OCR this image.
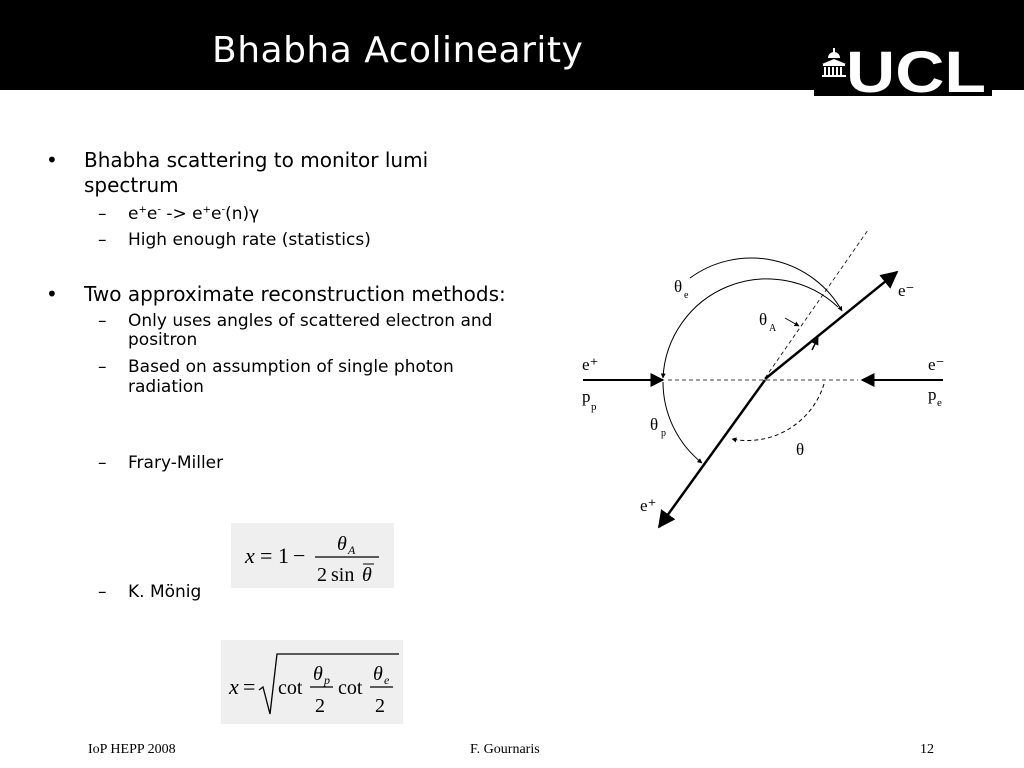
Bhabha Acolinearity	UCL
• Bhabha scattering to monitor lumi
spectrum
– e+e- -> e+e-(n)γ
– High enough rate (statistics)
• Two approximate reconstruction methods:
– Only uses angles of scattered electron and
positron
– Based on assumption of single photon
radiation
– Frary-Miller
– K. Mönig
x = 1 − θ A
2 sin θ
x = cot
θ p
2
cot
θ e
2
θ e
θ A
θ p
θ
e⁻
e⁺
p
p
e⁻
p e
e⁺
IoP HEPP 2008	F. Gournaris	12
